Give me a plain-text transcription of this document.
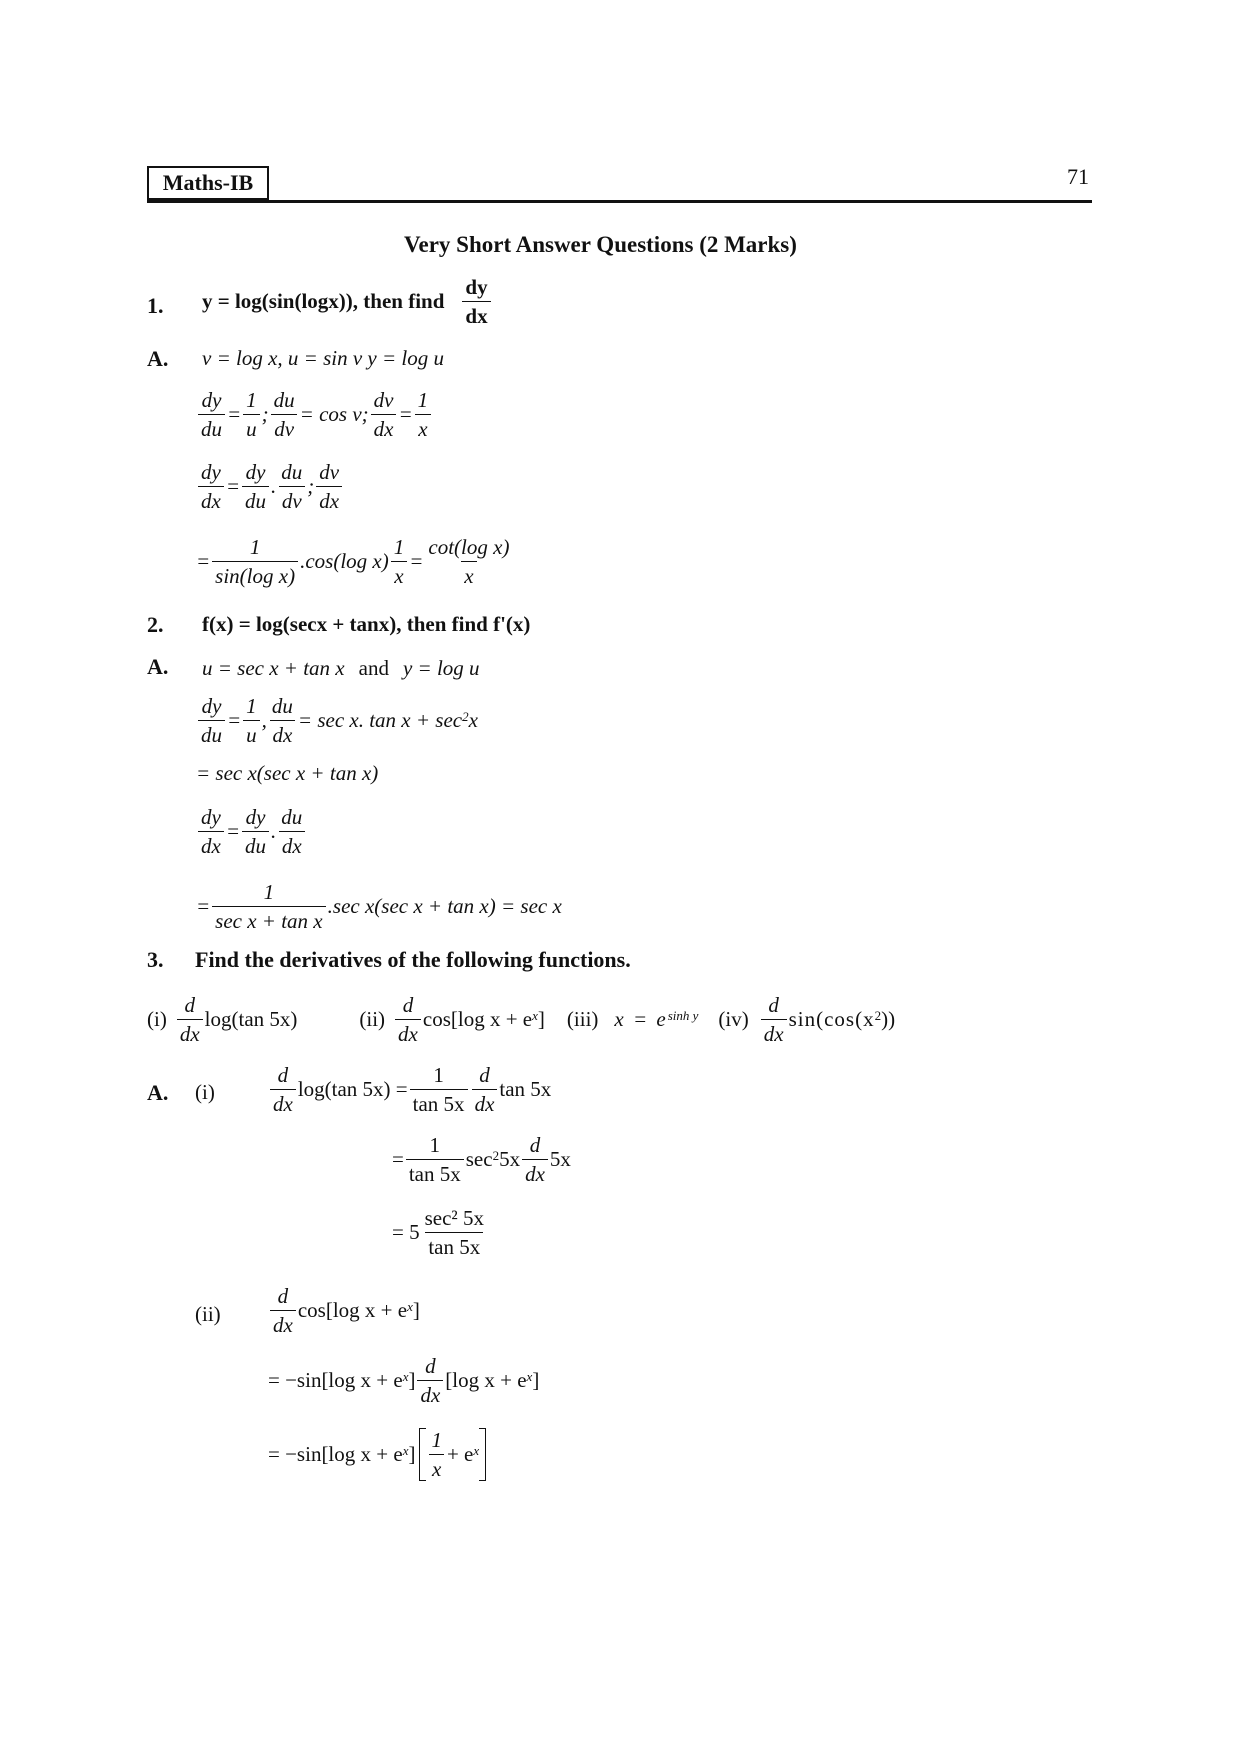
Maths-IB	71
Very Short Answer Questions (2 Marks)
1. y = log(sin(logx)), then find $\frac{dy}{dx}$
A. v = log x, u = sin v y = log u
$\frac{dy}{du} = \frac{1}{u}$ ; $\frac{du}{dv} = \cos v$; $\frac{dv}{dx} = \frac{1}{x}$
$\frac{dy}{dx} = \frac{dy}{du}$ . $\frac{du}{dv}$ ; $\frac{dv}{dx}$
= $\frac{1}{\text{sin(log x)}} .\cos(\log$ $x) \frac{1}{x} = \frac{\text{cot(log x)}}{x}$
2. f(x) = log(secx + tanx), then find f'(x)
A. u = sec x + tan x and y = log u
$\frac{dy}{du} = \frac{1}{u}$ , $\frac{du}{dx} = \sec x$. $\tan x + \sec^2 x$
= sec x(sec x + tan x)
$\frac{dy}{dx} = \frac{dy}{du}$ . $\frac{du}{dx}$
= $\frac{1}{\text{sec x + tan x}} .\sec$ x(sec x + tan x) = sec x
3. Find the derivatives of the following functions.
$(i) \frac{d}{dx} \log(\tan$ 5x)	$(ii) \frac{d}{dx} \cos[\log$ $x + e^x$ ] (iii) $x = e^{sinh y}$ $(iv) \frac{d}{dx} \sin(\cos(x^2$ ))
A. (i)	$\frac{d}{dx} \log(\tan$ $5x) = \frac{1}{\tan 5x} \frac{d}{dx}$ tan 5x
= $\frac{1}{\tan 5x} \sec^2 5x \frac{d}{dx} 5x$
= $5 \frac{\text{sec² 5x}}{\tan 5x}$
$(ii) \frac{d}{dx} \cos[\log$ $x + e^x$ ]
= −sin[log $x + e^x$ ] $\frac{d}{dx} [\log$ $x + e^x$ ]
= −sin[log $x + e^x$ ] $\frac{1}{x} + e^x$
